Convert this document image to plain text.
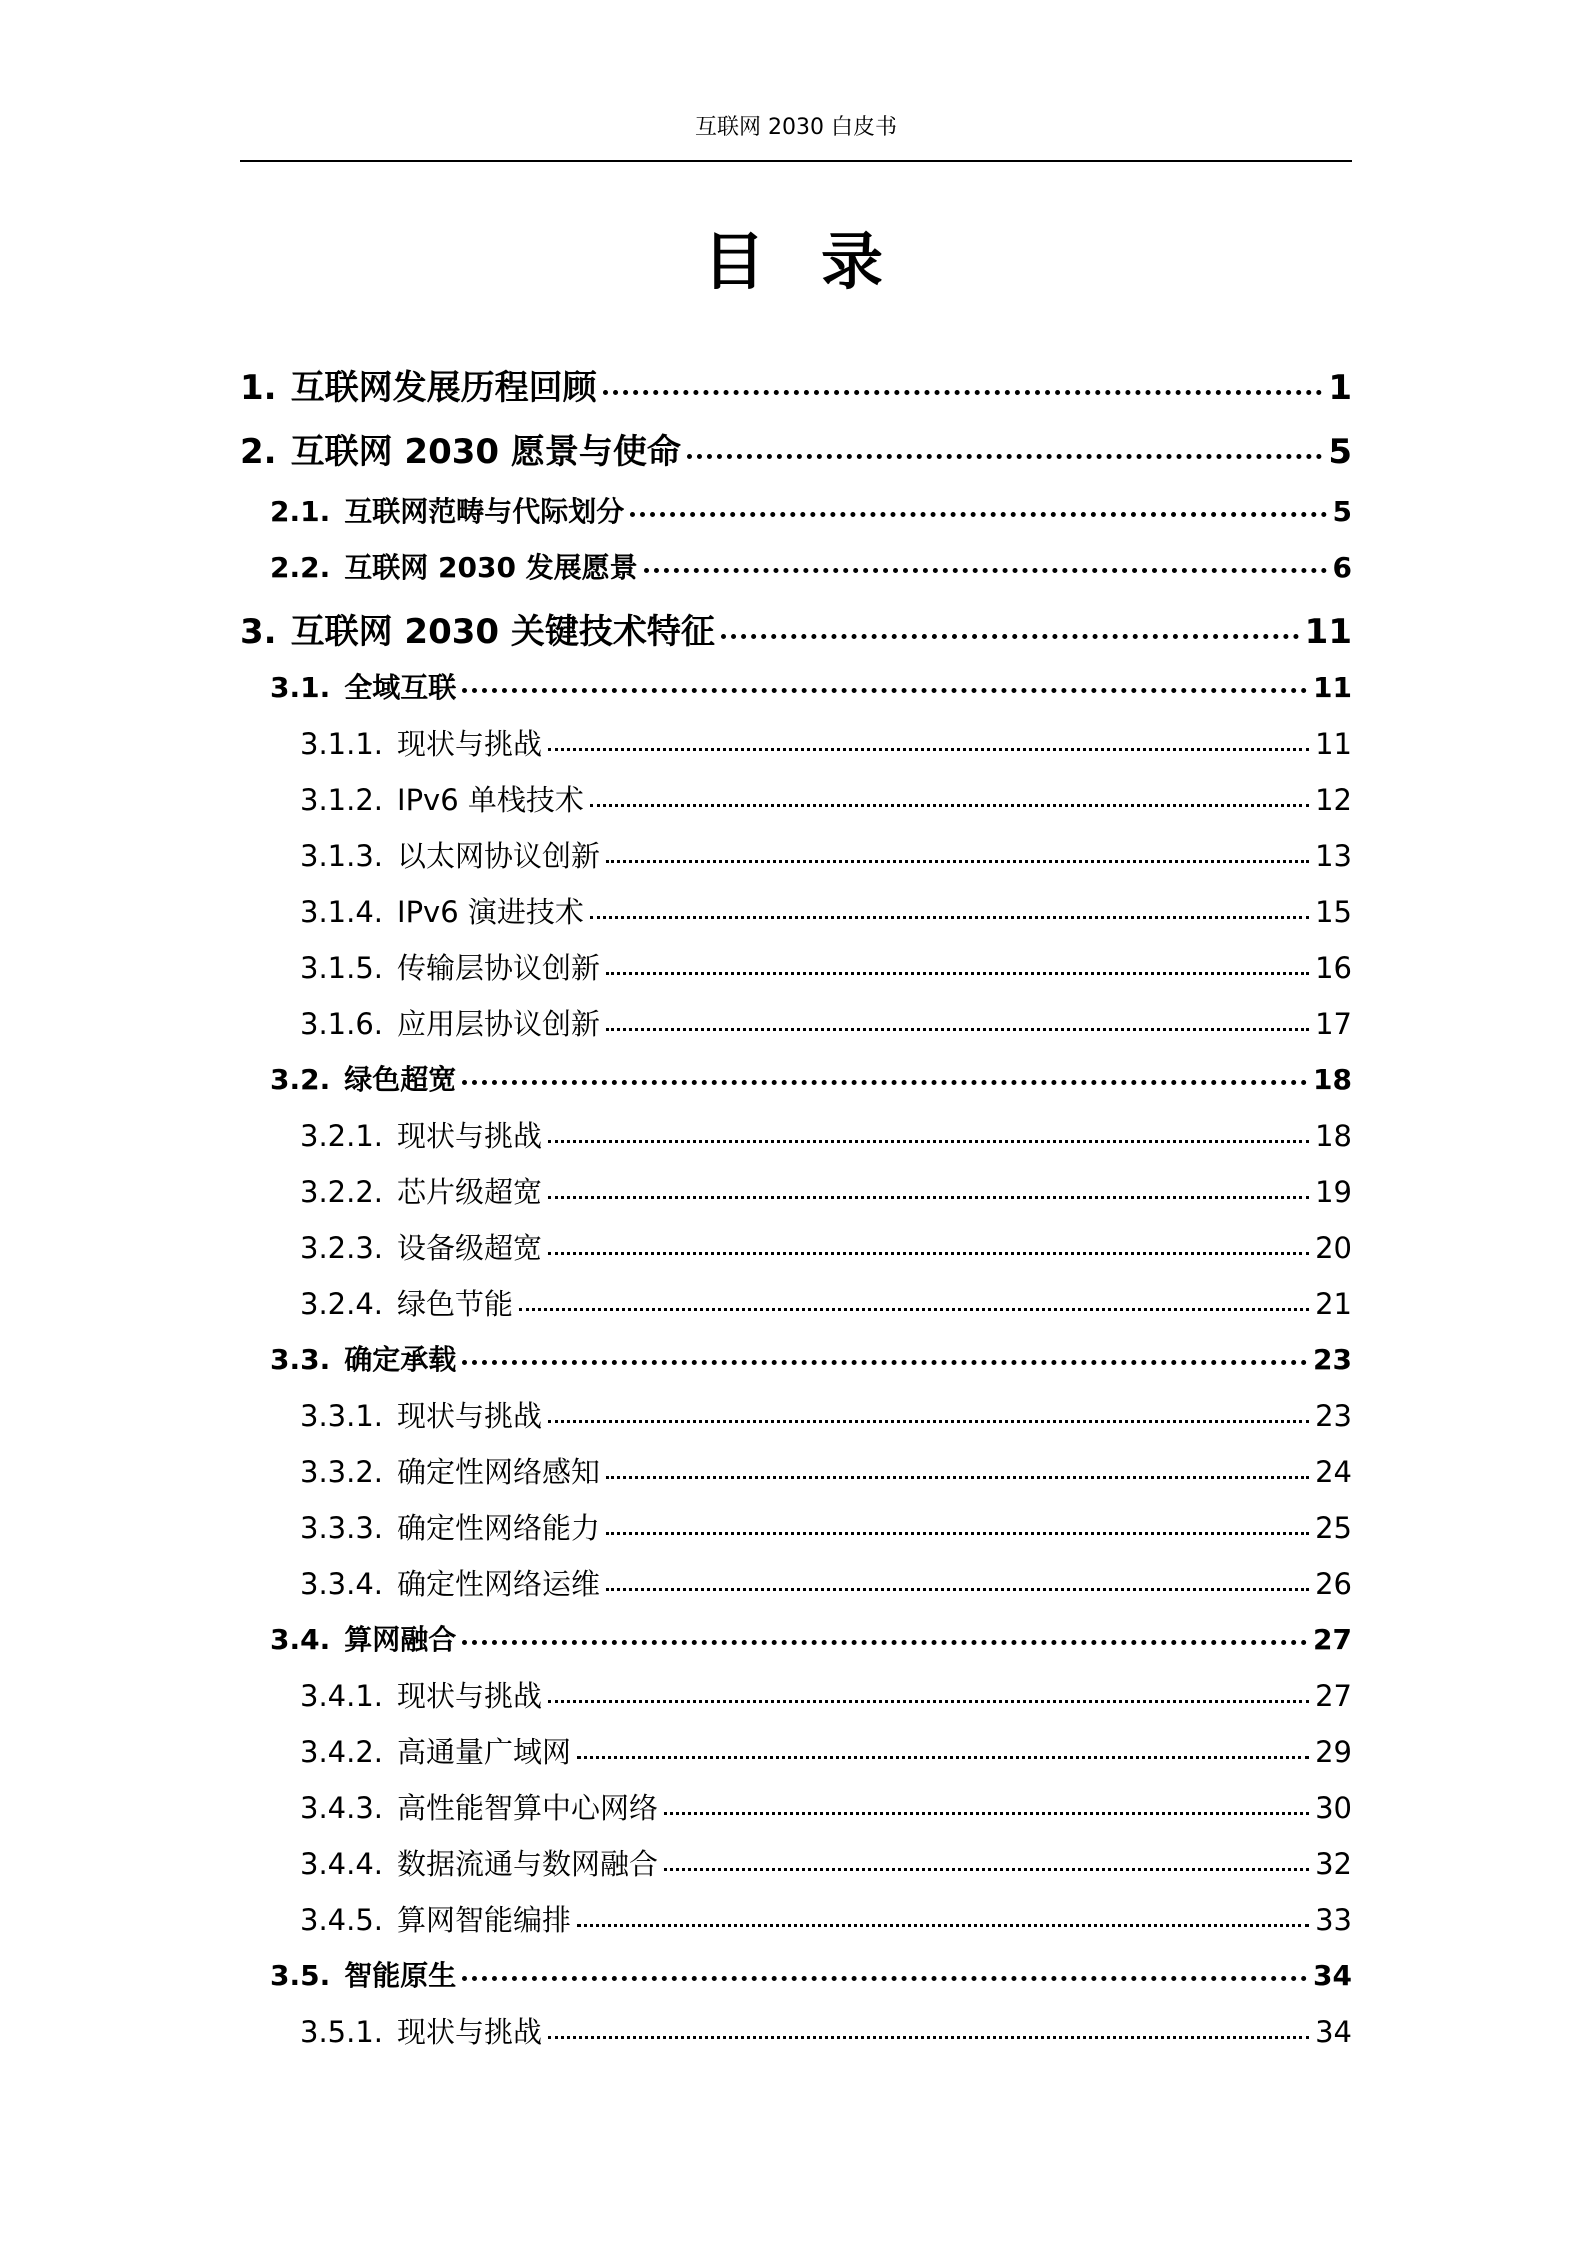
互联网 2030 白皮书
目录
1. 互联网发展历程回顾	1
2. 互联网 2030 愿景与使命	5
2.1. 互联网范畴与代际划分	5
2.2. 互联网 2030 发展愿景	6
3. 互联网 2030 关键技术特征	11
3.1. 全域互联	11
3.1.1. 现状与挑战	11
3.1.2. IPv6 单栈技术	12
3.1.3. 以太网协议创新	13
3.1.4. IPv6 演进技术	15
3.1.5. 传输层协议创新	16
3.1.6. 应用层协议创新	17
3.2. 绿色超宽	18
3.2.1. 现状与挑战	18
3.2.2. 芯片级超宽	19
3.2.3. 设备级超宽	20
3.2.4. 绿色节能	21
3.3. 确定承载	23
3.3.1. 现状与挑战	23
3.3.2. 确定性网络感知	24
3.3.3. 确定性网络能力	25
3.3.4. 确定性网络运维	26
3.4. 算网融合	27
3.4.1. 现状与挑战	27
3.4.2. 高通量广域网	29
3.4.3. 高性能智算中心网络	30
3.4.4. 数据流通与数网融合	32
3.4.5. 算网智能编排	33
3.5. 智能原生	34
3.5.1. 现状与挑战	34
